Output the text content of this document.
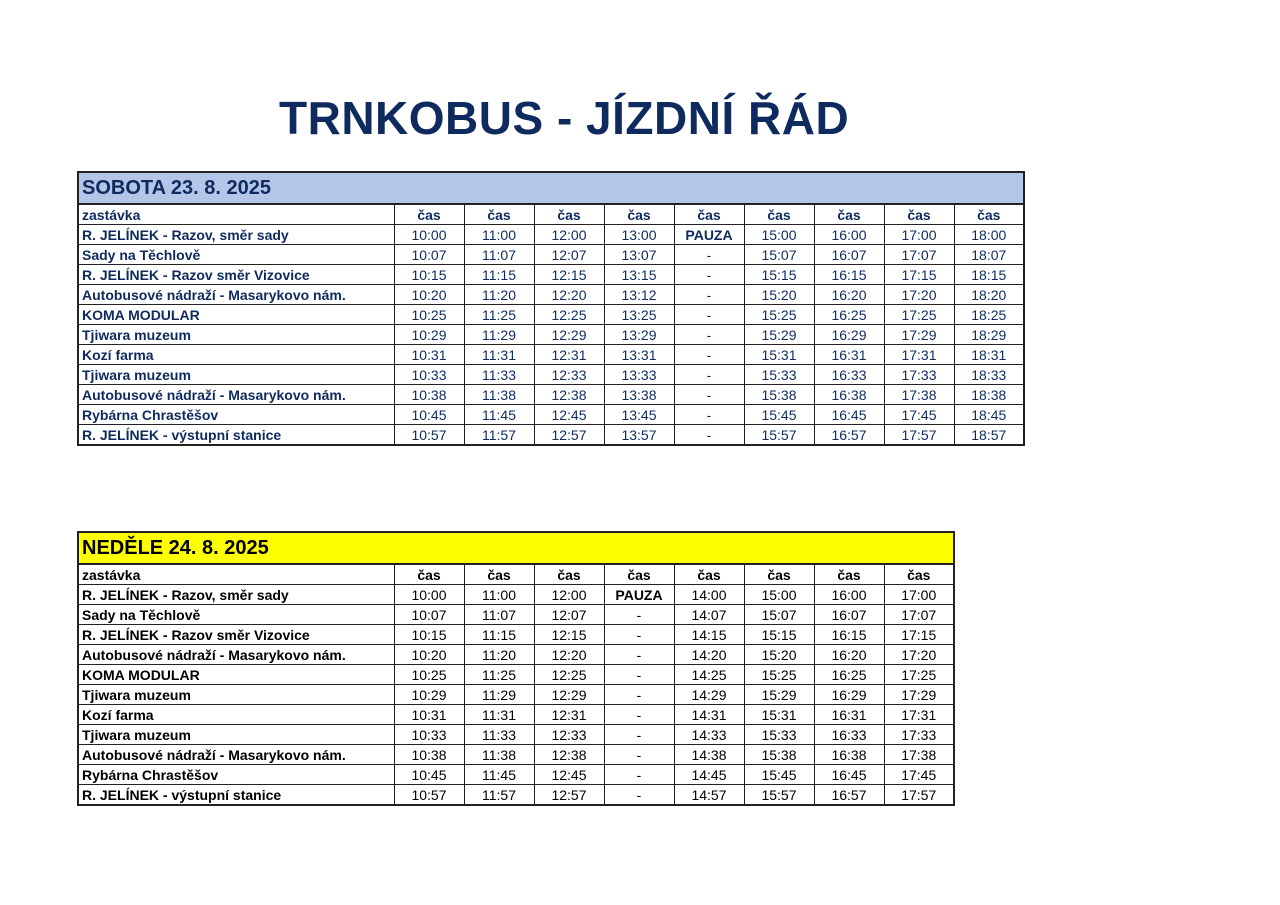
TRNKOBUS - JÍZDNÍ ŘÁD
SOBOTA 23. 8. 2025									
zastávka	čas	čas	čas	čas	čas	čas	čas	čas	čas
R. JELÍNEK - Razov, směr sady	10:00	11:00	12:00	13:00	PAUZA	15:00	16:00	17:00	18:00
Sady na Těchlově	10:07	11:07	12:07	13:07	-	15:07	16:07	17:07	18:07
R. JELÍNEK - Razov směr Vizovice	10:15	11:15	12:15	13:15	-	15:15	16:15	17:15	18:15
Autobusové nádraží - Masarykovo nám.	10:20	11:20	12:20	13:12	-	15:20	16:20	17:20	18:20
KOMA MODULAR	10:25	11:25	12:25	13:25	-	15:25	16:25	17:25	18:25
Tjiwara muzeum	10:29	11:29	12:29	13:29	-	15:29	16:29	17:29	18:29
Kozí farma	10:31	11:31	12:31	13:31	-	15:31	16:31	17:31	18:31
Tjiwara muzeum	10:33	11:33	12:33	13:33	-	15:33	16:33	17:33	18:33
Autobusové nádraží - Masarykovo nám.	10:38	11:38	12:38	13:38	-	15:38	16:38	17:38	18:38
Rybárna Chrastěšov	10:45	11:45	12:45	13:45	-	15:45	16:45	17:45	18:45
R. JELÍNEK - výstupní stanice	10:57	11:57	12:57	13:57	-	15:57	16:57	17:57	18:57
NEDĚLE 24. 8. 2025								
zastávka	čas	čas	čas	čas	čas	čas	čas	čas
R. JELÍNEK - Razov, směr sady	10:00	11:00	12:00	PAUZA	14:00	15:00	16:00	17:00
Sady na Těchlově	10:07	11:07	12:07	-	14:07	15:07	16:07	17:07
R. JELÍNEK - Razov směr Vizovice	10:15	11:15	12:15	-	14:15	15:15	16:15	17:15
Autobusové nádraží - Masarykovo nám.	10:20	11:20	12:20	-	14:20	15:20	16:20	17:20
KOMA MODULAR	10:25	11:25	12:25	-	14:25	15:25	16:25	17:25
Tjiwara muzeum	10:29	11:29	12:29	-	14:29	15:29	16:29	17:29
Kozí farma	10:31	11:31	12:31	-	14:31	15:31	16:31	17:31
Tjiwara muzeum	10:33	11:33	12:33	-	14:33	15:33	16:33	17:33
Autobusové nádraží - Masarykovo nám.	10:38	11:38	12:38	-	14:38	15:38	16:38	17:38
Rybárna Chrastěšov	10:45	11:45	12:45	-	14:45	15:45	16:45	17:45
R. JELÍNEK - výstupní stanice	10:57	11:57	12:57	-	14:57	15:57	16:57	17:57
